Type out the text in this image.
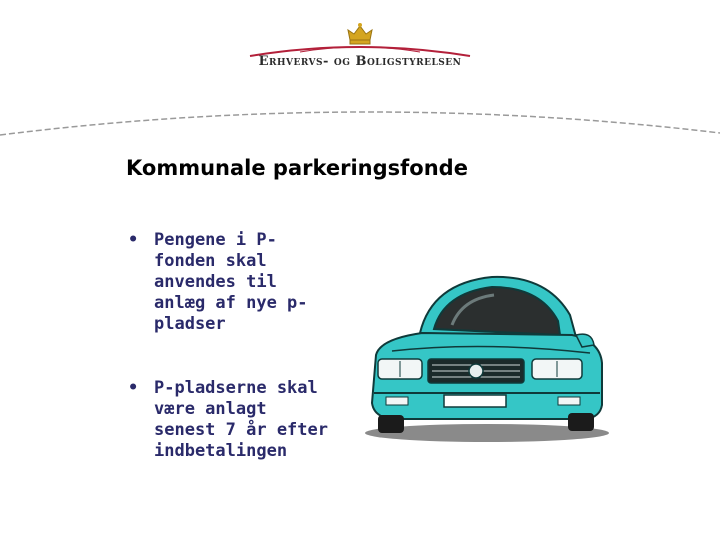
Erhvervs- og Boligstyrelsen
Kommunale parkeringsfonde
• Pengene i P-
fonden skal
anvendes til
anlæg af nye p-
pladser
• P-pladserne skal
være anlagt
senest 7 år efter
indbetalingen
